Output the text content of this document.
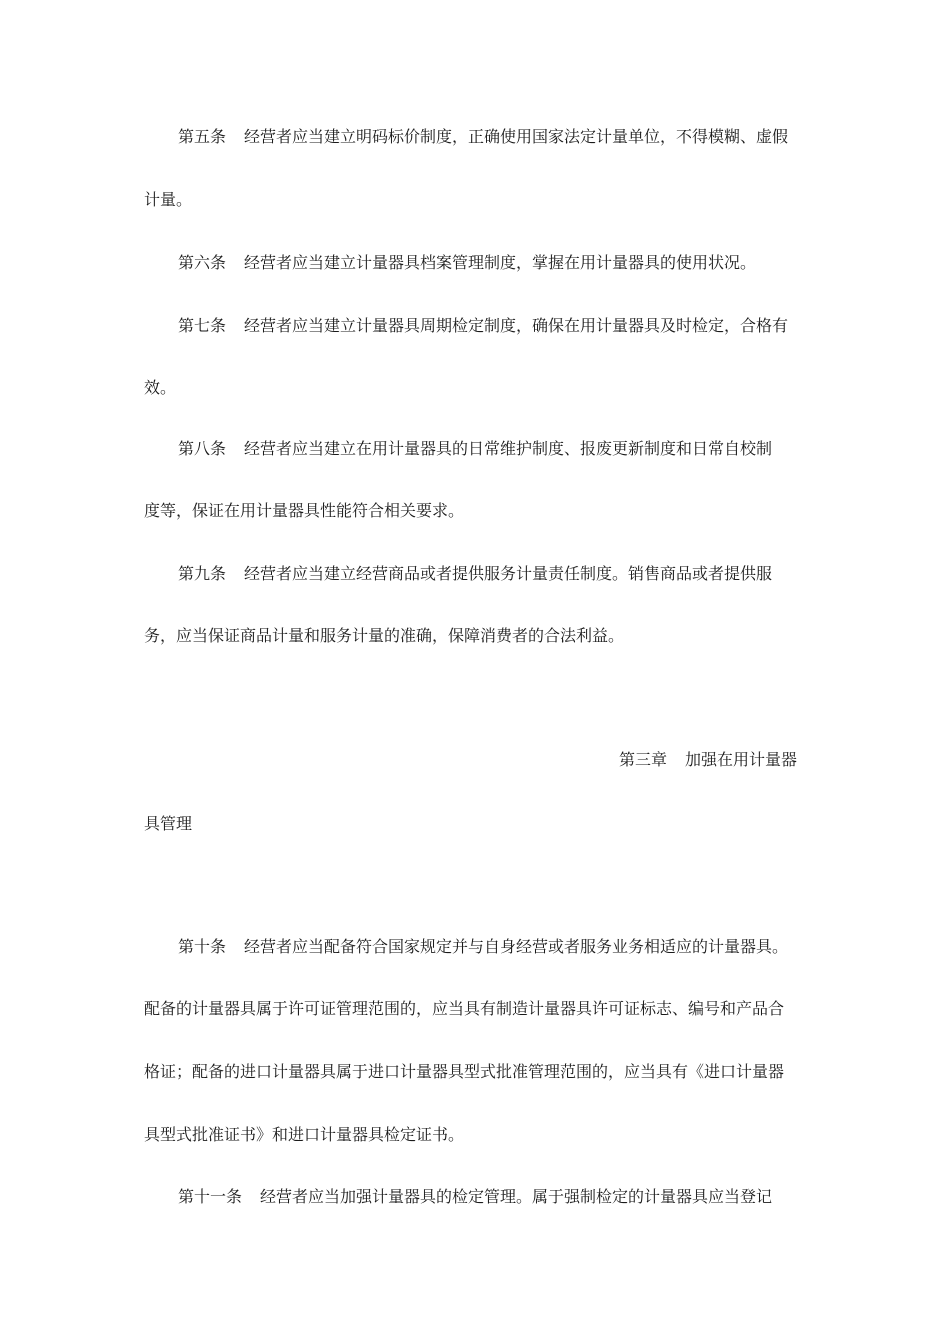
第五条 经营者应当建立明码标价制度，正确使用国家法定计量单位，不得模糊、虚假
计量。
第六条 经营者应当建立计量器具档案管理制度，掌握在用计量器具的使用状况。
第七条 经营者应当建立计量器具周期检定制度，确保在用计量器具及时检定，合格有
效。
第八条 经营者应当建立在用计量器具的日常维护制度、报废更新制度和日常自校制
度等，保证在用计量器具性能符合相关要求。
第九条 经营者应当建立经营商品或者提供服务计量责任制度。销售商品或者提供服
务，应当保证商品计量和服务计量的准确，保障消费者的合法利益。
第三章 加强在用计量器
具管理
第十条 经营者应当配备符合国家规定并与自身经营或者服务业务相适应的计量器具。
配备的计量器具属于许可证管理范围的，应当具有制造计量器具许可证标志、编号和产品合
格证；配备的进口计量器具属于进口计量器具型式批准管理范围的，应当具有《进口计量器
具型式批准证书》和进口计量器具检定证书。
第十一条 经营者应当加强计量器具的检定管理。属于强制检定的计量器具应当登记
